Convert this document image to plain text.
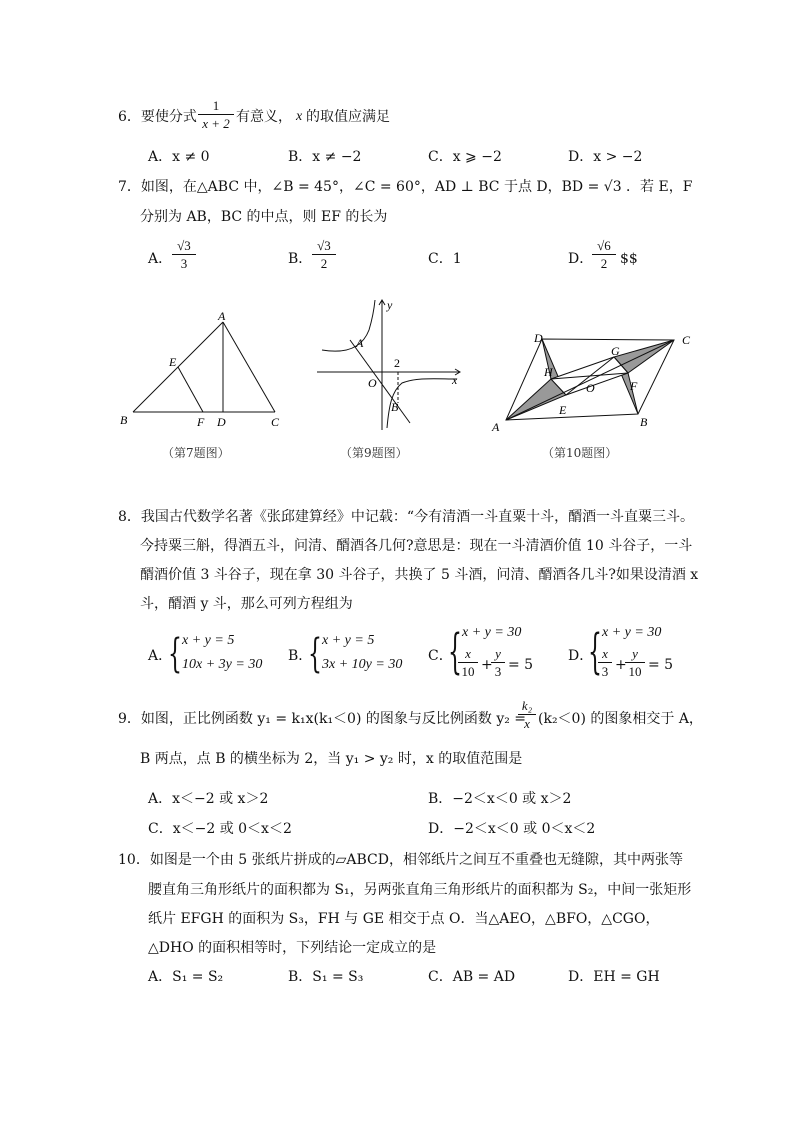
6．要使分式
1
x + 2 有意义， x 的取值应满足
A．x ≠ 0	B．x ≠ −2	C．x ⩾ −2	D．x > −2
7．如图，在△ABC 中，∠B = 45°，∠C = 60°，AD ⊥ BC 于点 D，BD = √3 ．若 E，F
分别为 AB，BC 的中点，则 EF 的长为
A．
√3
3	B．
√3
2	C．1	D．
√6
2 $$
A
E
B	F D	C
（第7题图）
y
A
2
O	x
B
（第9题图）
D
G
C
H
O	F
E
A	B
（第10题图）
8．我国古代数学名著《张邱建算经》中记载：“今有清酒一斗直粟十斗，醑酒一斗直粟三斗。
今持粟三斛，得酒五斗，问清、醑酒各几何?意思是：现在一斗清酒价值 10 斗谷子，一斗
醑酒价值 3 斗谷子，现在拿 30 斗谷子，共换了 5 斗酒，问清、醑酒各几斗?如果设清酒 x
斗，醑酒 y 斗，那么可列方程组为
A．
{ x + y = 5
10x + 3y = 30
B．
{ x + y = 5
3x + 10y = 30
C．
{ x + y = 30
x
10 +
y
3 = 5
D．
{ x + y = 30
x
3 +
y
10 = 5
9．如图，正比例函数 y₁ = k₁x(k₁＜0) 的图象与反比例函数 y₂ =
k₂
x (k₂＜0) 的图象相交于 A，
B 两点，点 B 的横坐标为 2，当 y₁ > y₂ 时，x 的取值范围是
A．x＜−2 或 x＞2	B．−2＜x＜0 或 x＞2
C．x＜−2 或 0＜x＜2	D．−2＜x＜0 或 0＜x＜2
10．如图是一个由 5 张纸片拼成的▱ABCD，相邻纸片之间互不重叠也无缝隙，其中两张等
腰直角三角形纸片的面积都为 S₁，另两张直角三角形纸片的面积都为 S₂，中间一张矩形
纸片 EFGH 的面积为 S₃，FH 与 GE 相交于点 O．当△AEO，△BFO，△CGO，
△DHO 的面积相等时，下列结论一定成立的是
A．S₁ = S₂	B．S₁ = S₃	C．AB = AD	D．EH = GH
